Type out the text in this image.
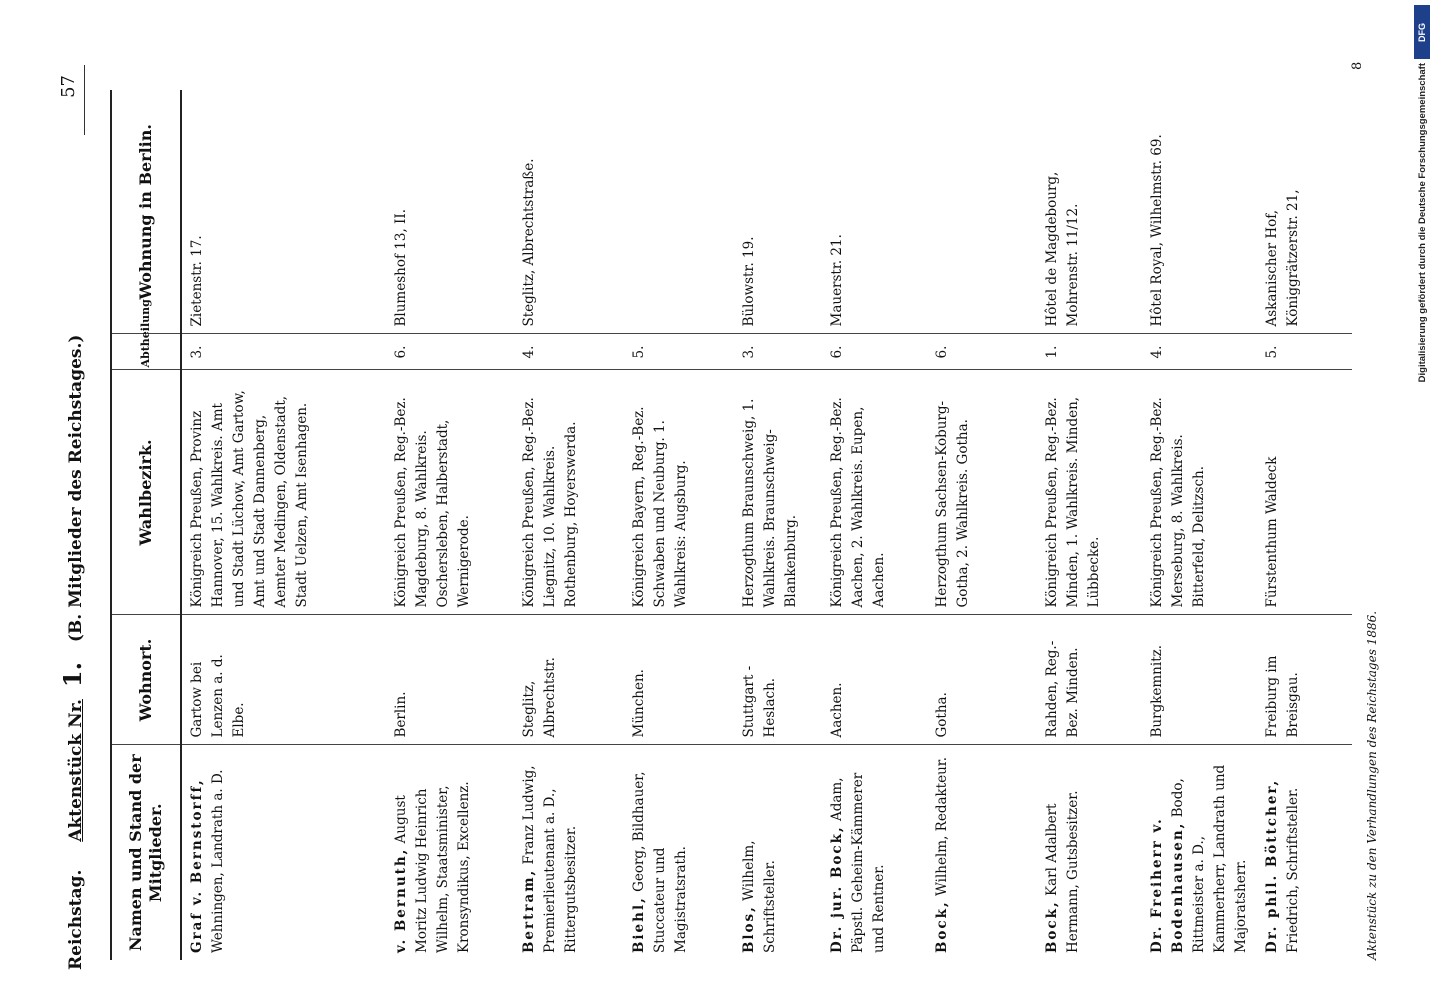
Reichstag. Aktenstück Nr. 1. (B. Mitglieder des Reichstages.)
57
Namen und Stand der Mitglieder.	Wohnort.	Wahlbezirk.	Abtheilung	Wohnung in Berlin.
Graf v. Bernstorff, Wehningen, Landrath a. D.	Gartow bei Lenzen a. d. Elbe.	Königreich Preußen, Provinz Hannover, 15. Wahlkreis. Amt und Stadt Lüchow, Amt Gartow, Amt und Stadt Dannenberg, Aemter Medingen, Oldenstadt, Stadt Uelzen, Amt Isenhagen.	3.	Zietenstr. 17.
v. Bernuth, August Moritz Ludwig Heinrich Wilhelm, Staatsminister, Kronsyndikus, Excellenz.	Berlin.	Königreich Preußen, Reg.-Bez. Magdeburg, 8. Wahlkreis. Oschersleben, Halberstadt, Wernigerode.	6.	Blumeshof 13, II.
Bertram, Franz Ludwig, Premierlieutenant a. D., Rittergutsbesitzer.	Steglitz, Albrechtstr.	Königreich Preußen, Reg.-Bez. Liegnitz, 10. Wahlkreis. Rothenburg, Hoyerswerda.	4.	Steglitz, Albrechtstraße.
Biehl, Georg, Bildhauer, Stuccateur und Magistratsrath.	München.	Königreich Bayern, Reg.-Bez. Schwaben und Neuburg. 1. Wahlkreis: Augsburg.	5.	
Blos, Wilhelm, Schriftsteller.	Stuttgart - Heslach.	Herzogthum Braunschweig, 1. Wahlkreis. Braunschweig-Blankenburg.	3.	Bülowstr. 19.
Dr. jur. Bock, Adam, Päpstl. Geheim-Kämmerer und Rentner.	Aachen.	Königreich Preußen, Reg.-Bez. Aachen, 2. Wahlkreis. Eupen, Aachen.	6.	Mauerstr. 21.
Bock, Wilhelm, Redakteur.	Gotha.	Herzogthum Sachsen-Koburg-Gotha, 2. Wahlkreis. Gotha.	6.	
Bock, Karl Adalbert Hermann, Gutsbesitzer.	Rahden, Reg.-Bez. Minden.	Königreich Preußen, Reg.-Bez. Minden, 1. Wahlkreis. Minden, Lübbecke.	1.	Hôtel de Magdebourg, Mohrenstr. 11/12.
Dr. Freiherr v. Bodenhausen, Bodo, Rittmeister a. D., Kammerherr, Landrath und Majoratsherr.	Burgkemnitz.	Königreich Preußen, Reg.-Bez. Merseburg, 8. Wahlkreis. Bitterfeld, Delitzsch.	4.	Hôtel Royal, Wilhelmstr. 69.
Dr. phil. Böttcher, Friedrich, Schriftsteller.	Freiburg im Breisgau.	Fürstenthum Waldeck	5.	Askanischer Hof, Königgrätzerstr. 21,
Aktenstück zu den Verhandlungen des Reichstages 1886.
8
DFG
Digitalisierung gefördert durch die Deutsche Forschungsgemeinschaft
